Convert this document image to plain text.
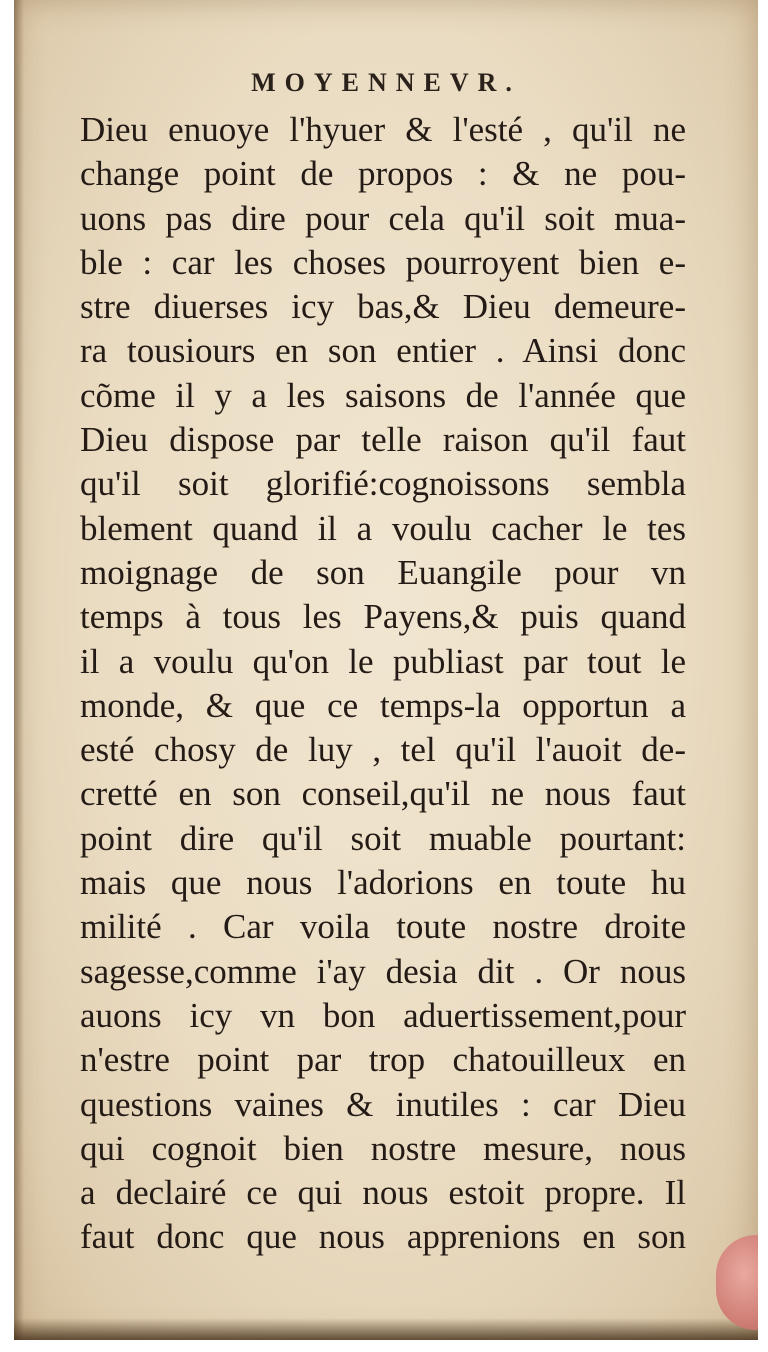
MOYENNEVR.
Dieu enuoye l'hyuer & l'esté , qu'il ne
change point de propos : & ne pou-
uons pas dire pour cela qu'il soit mua-
ble : car les choses pourroyent bien e-
stre diuerses icy bas,& Dieu demeure-
ra tousiours en son entier . Ainsi donc
cõme il y a les saisons de l'année que
Dieu dispose par telle raison qu'il faut
qu'il soit glorifié:cognoissons sembla
blement quand il a voulu cacher le tes
moignage de son Euangile pour vn
temps à tous les Payens,& puis quand
il a voulu qu'on le publiast par tout le
monde, & que ce temps-la opportun a
esté chosy de luy , tel qu'il l'auoit de-
cretté en son conseil,qu'il ne nous faut
point dire qu'il soit muable pourtant:
mais que nous l'adorions en toute hu
milité . Car voila toute nostre droite
sagesse,comme i'ay desia dit . Or nous
auons icy vn bon aduertissement,pour
n'estre point par trop chatouilleux en
questions vaines & inutiles : car Dieu
qui cognoit bien nostre mesure, nous
a declairé ce qui nous estoit propre. Il
faut donc que nous apprenions en son
